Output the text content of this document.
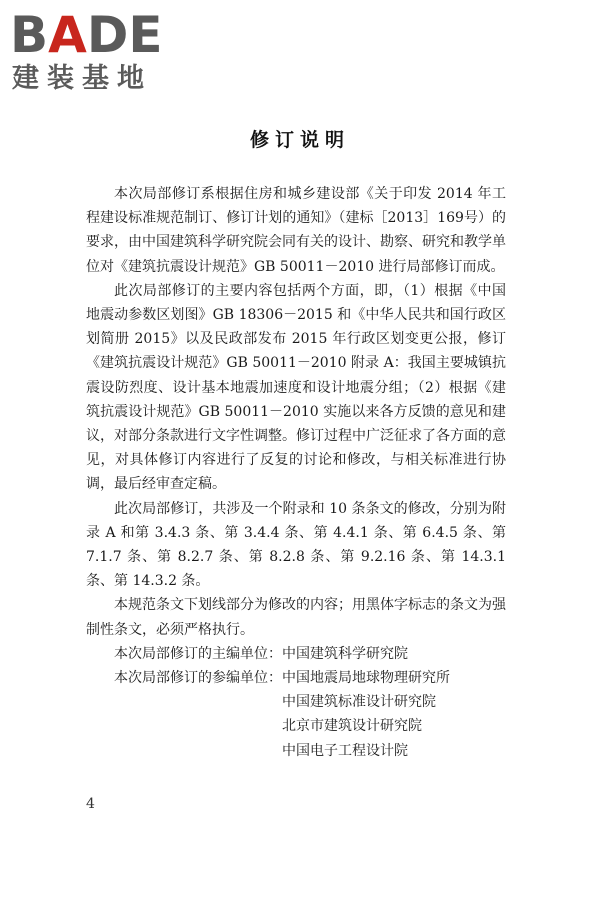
BADE
建装基地
修订说明

本次局部修订系根据住房和城乡建设部《关于印发 2014 年工程建设标准规范制订、修订计划的通知》（建标［2013］169号）的要求，由中国建筑科学研究院会同有关的设计、勘察、研究和教学单位对《建筑抗震设计规范》GB 50011－2010 进行局部修订而成。

此次局部修订的主要内容包括两个方面，即，（1）根据《中国地震动参数区划图》GB 18306－2015 和《中华人民共和国行政区划简册 2015》以及民政部发布 2015 年行政区划变更公报，修订《建筑抗震设计规范》GB 50011－2010 附录 A：我国主要城镇抗震设防烈度、设计基本地震加速度和设计地震分组；（2）根据《建筑抗震设计规范》GB 50011－2010 实施以来各方反馈的意见和建议，对部分条款进行文字性调整。修订过程中广泛征求了各方面的意见，对具体修订内容进行了反复的讨论和修改，与相关标准进行协调，最后经审查定稿。

此次局部修订，共涉及一个附录和 10 条条文的修改，分别为附录 A 和第 3.4.3 条、第 3.4.4 条、第 4.4.1 条、第 6.4.5 条、第 7.1.7 条、第 8.2.7 条、第 8.2.8 条、第 9.2.16 条、第 14.3.1 条、第 14.3.2 条。

本规范条文下划线部分为修改的内容；用黑体字标志的条文为强制性条文，必须严格执行。

本次局部修订的主编单位：中国建筑科学研究院

本次局部修订的参编单位：中国地震局地球物理研究所

中国建筑标准设计研究院

北京市建筑设计研究院

中国电子工程设计院

4
